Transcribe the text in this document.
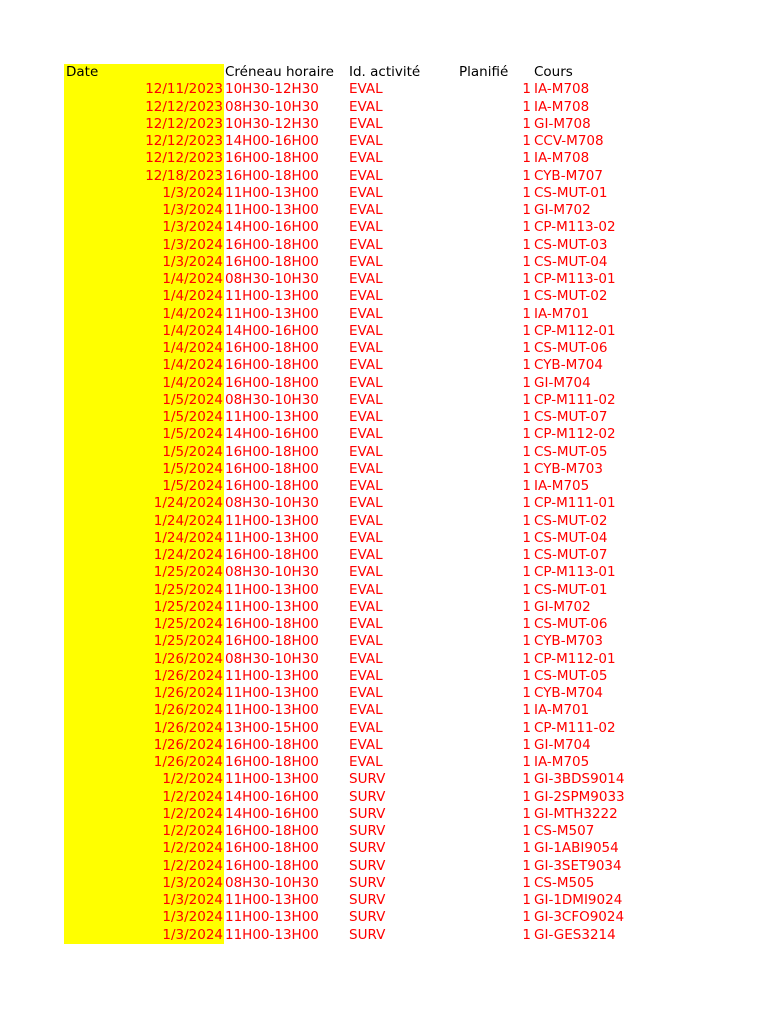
Date	Créneau horaire	Id. activité	Planifié	Cours
12/11/2023 10H30-12H30	EVAL	1 IA-M708
12/12/2023 08H30-10H30	EVAL	1 IA-M708
12/12/2023 10H30-12H30	EVAL	1 GI-M708
12/12/2023 14H00-16H00	EVAL	1 CCV-M708
12/12/2023 16H00-18H00	EVAL	1 IA-M708
12/18/2023 16H00-18H00	EVAL	1 CYB-M707
1/3/2024 11H00-13H00	EVAL	1 CS-MUT-01
1/3/2024 11H00-13H00	EVAL	1 GI-M702
1/3/2024 14H00-16H00	EVAL	1 CP-M113-02
1/3/2024 16H00-18H00	EVAL	1 CS-MUT-03
1/3/2024 16H00-18H00	EVAL	1 CS-MUT-04
1/4/2024 08H30-10H30	EVAL	1 CP-M113-01
1/4/2024 11H00-13H00	EVAL	1 CS-MUT-02
1/4/2024 11H00-13H00	EVAL	1 IA-M701
1/4/2024 14H00-16H00	EVAL	1 CP-M112-01
1/4/2024 16H00-18H00	EVAL	1 CS-MUT-06
1/4/2024 16H00-18H00	EVAL	1 CYB-M704
1/4/2024 16H00-18H00	EVAL	1 GI-M704
1/5/2024 08H30-10H30	EVAL	1 CP-M111-02
1/5/2024 11H00-13H00	EVAL	1 CS-MUT-07
1/5/2024 14H00-16H00	EVAL	1 CP-M112-02
1/5/2024 16H00-18H00	EVAL	1 CS-MUT-05
1/5/2024 16H00-18H00	EVAL	1 CYB-M703
1/5/2024 16H00-18H00	EVAL	1 IA-M705
1/24/2024 08H30-10H30	EVAL	1 CP-M111-01
1/24/2024 11H00-13H00	EVAL	1 CS-MUT-02
1/24/2024 11H00-13H00	EVAL	1 CS-MUT-04
1/24/2024 16H00-18H00	EVAL	1 CS-MUT-07
1/25/2024 08H30-10H30	EVAL	1 CP-M113-01
1/25/2024 11H00-13H00	EVAL	1 CS-MUT-01
1/25/2024 11H00-13H00	EVAL	1 GI-M702
1/25/2024 16H00-18H00	EVAL	1 CS-MUT-06
1/25/2024 16H00-18H00	EVAL	1 CYB-M703
1/26/2024 08H30-10H30	EVAL	1 CP-M112-01
1/26/2024 11H00-13H00	EVAL	1 CS-MUT-05
1/26/2024 11H00-13H00	EVAL	1 CYB-M704
1/26/2024 11H00-13H00	EVAL	1 IA-M701
1/26/2024 13H00-15H00	EVAL	1 CP-M111-02
1/26/2024 16H00-18H00	EVAL	1 GI-M704
1/26/2024 16H00-18H00	EVAL	1 IA-M705
1/2/2024 11H00-13H00	SURV	1 GI-3BDS9014
1/2/2024 14H00-16H00	SURV	1 GI-2SPM9033
1/2/2024 14H00-16H00	SURV	1 GI-MTH3222
1/2/2024 16H00-18H00	SURV	1 CS-M507
1/2/2024 16H00-18H00	SURV	1 GI-1ABI9054
1/2/2024 16H00-18H00	SURV	1 GI-3SET9034
1/3/2024 08H30-10H30	SURV	1 CS-M505
1/3/2024 11H00-13H00	SURV	1 GI-1DMI9024
1/3/2024 11H00-13H00	SURV	1 GI-3CFO9024
1/3/2024 11H00-13H00	SURV	1 GI-GES3214
